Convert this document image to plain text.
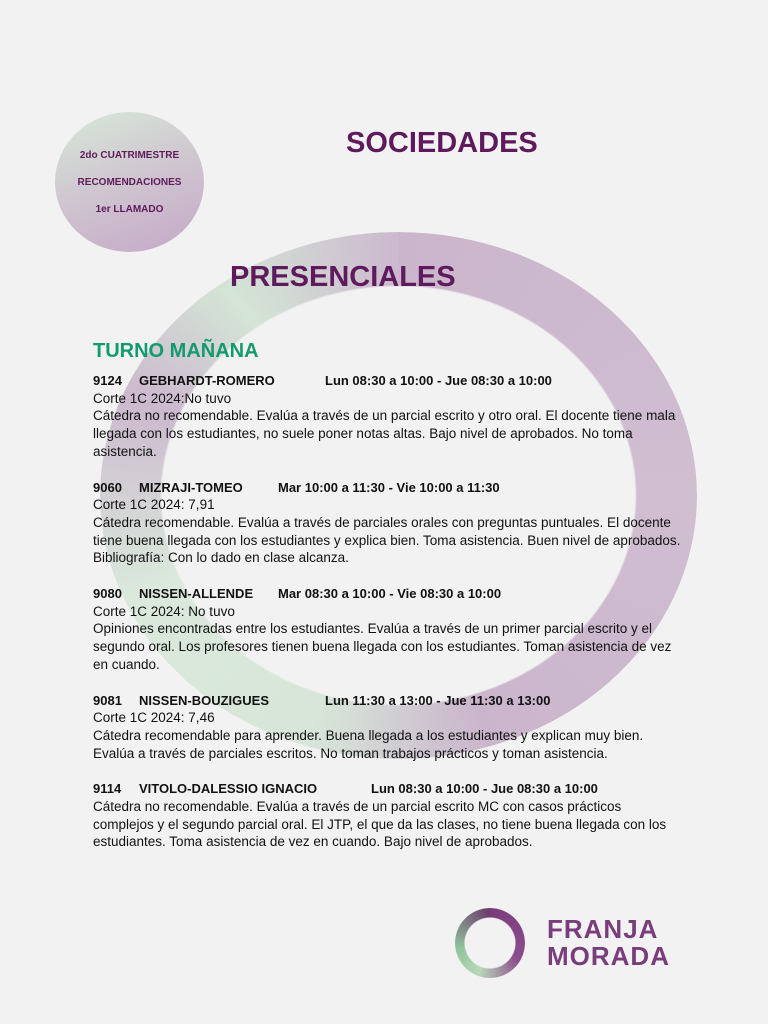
2do CUATRIMESTRE
RECOMENDACIONES
1er LLAMADO
SOCIEDADES
PRESENCIALES
TURNO MAÑANA
9124	GEBHARDT-ROMERO	Lun 08:30 a 10:00 - Jue 08:30 a 10:00
Corte 1C 2024:No tuvo
Cátedra no recomendable. Evalúa a través de un parcial escrito y otro oral. El docente tiene mala llegada con los estudiantes, no suele poner notas altas. Bajo nivel de aprobados. No toma asistencia.
9060	MIZRAJI-TOMEO	Mar 10:00 a 11:30 - Vie 10:00 a 11:30
Corte 1C 2024: 7,91
Cátedra recomendable. Evalúa a través de parciales orales con preguntas puntuales. El docente tiene buena llegada con los estudiantes y explica bien. Toma asistencia. Buen nivel de aprobados.
Bibliografía: Con lo dado en clase alcanza.
9080	NISSEN-ALLENDE	Mar 08:30 a 10:00 - Vie 08:30 a 10:00
Corte 1C 2024: No tuvo
Opiniones encontradas entre los estudiantes. Evalúa a través de un primer parcial escrito y el segundo oral. Los profesores tienen buena llegada con los estudiantes. Toman asistencia de vez en cuando.
9081	NISSEN-BOUZIGUES	Lun 11:30 a 13:00 - Jue 11:30 a 13:00
Corte 1C 2024: 7,46
Cátedra recomendable para aprender. Buena llegada a los estudiantes y explican muy bien. Evalúa a través de parciales escritos. No toman trabajos prácticos y toman asistencia.
9114	VITOLO-DALESSIO IGNACIO	Lun 08:30 a 10:00 - Jue 08:30 a 10:00
Cátedra no recomendable. Evalúa a través de un parcial escrito MC con casos prácticos complejos y el segundo parcial oral. El JTP, el que da las clases, no tiene buena llegada con los estudiantes. Toma asistencia de vez en cuando. Bajo nivel de aprobados.
FRANJA
MORADA
